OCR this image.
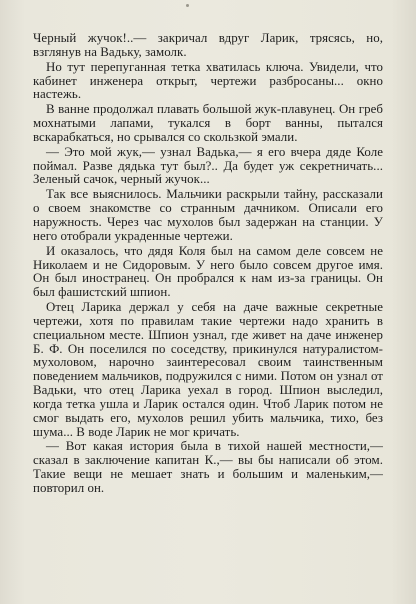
Черный жучок!..— закричал вдруг Ларик, трясясь, но, взглянув на Вадьку, замолк.

Но тут перепуганная тетка хватилась ключа. Увидели, что кабинет инженера открыт, чертежи разбросаны... окно настежь.

В ванне продолжал плавать большой жук-плавунец. Он греб мохнатыми лапами, тукался в борт ванны, пытался вскарабкаться, но срывался со скользкой эмали.

— Это мой жук,— узнал Вадька,— я его вчера дяде Коле поймал. Разве дядька тут был?.. Да будет уж секретничать... Зеленый сачок, черный жучок...

Так все выяснилось. Мальчики раскрыли тайну, рассказали о своем знакомстве со странным дачником. Описали его наружность. Через час мухолов был задержан на станции. У него отобрали украденные чертежи.

И оказалось, что дядя Коля был на самом деле совсем не Николаем и не Сидоровым. У него было совсем другое имя. Он был иностранец. Он пробрался к нам из-за границы. Он был фашистский шпион.

Отец Ларика держал у себя на даче важные секретные чертежи, хотя по правилам такие чертежи надо хранить в специальном месте. Шпион узнал, где живет на даче инженер Б. Ф. Он поселился по соседству, прикинулся натуралистом-мухоловом, нарочно заинтересовал своим таинственным поведением мальчиков, подружился с ними. Потом он узнал от Вадьки, что отец Ларика уехал в город. Шпион выследил, когда тетка ушла и Ларик остался один. Чтоб Ларик потом не смог выдать его, мухолов решил убить мальчика, тихо, без шума... В воде Ларик не мог кричать.

— Вот какая история была в тихой нашей местности,— сказал в заключение капитан К.,— вы бы написали об этом. Такие вещи не мешает знать и большим и маленьким,— повторил он.
